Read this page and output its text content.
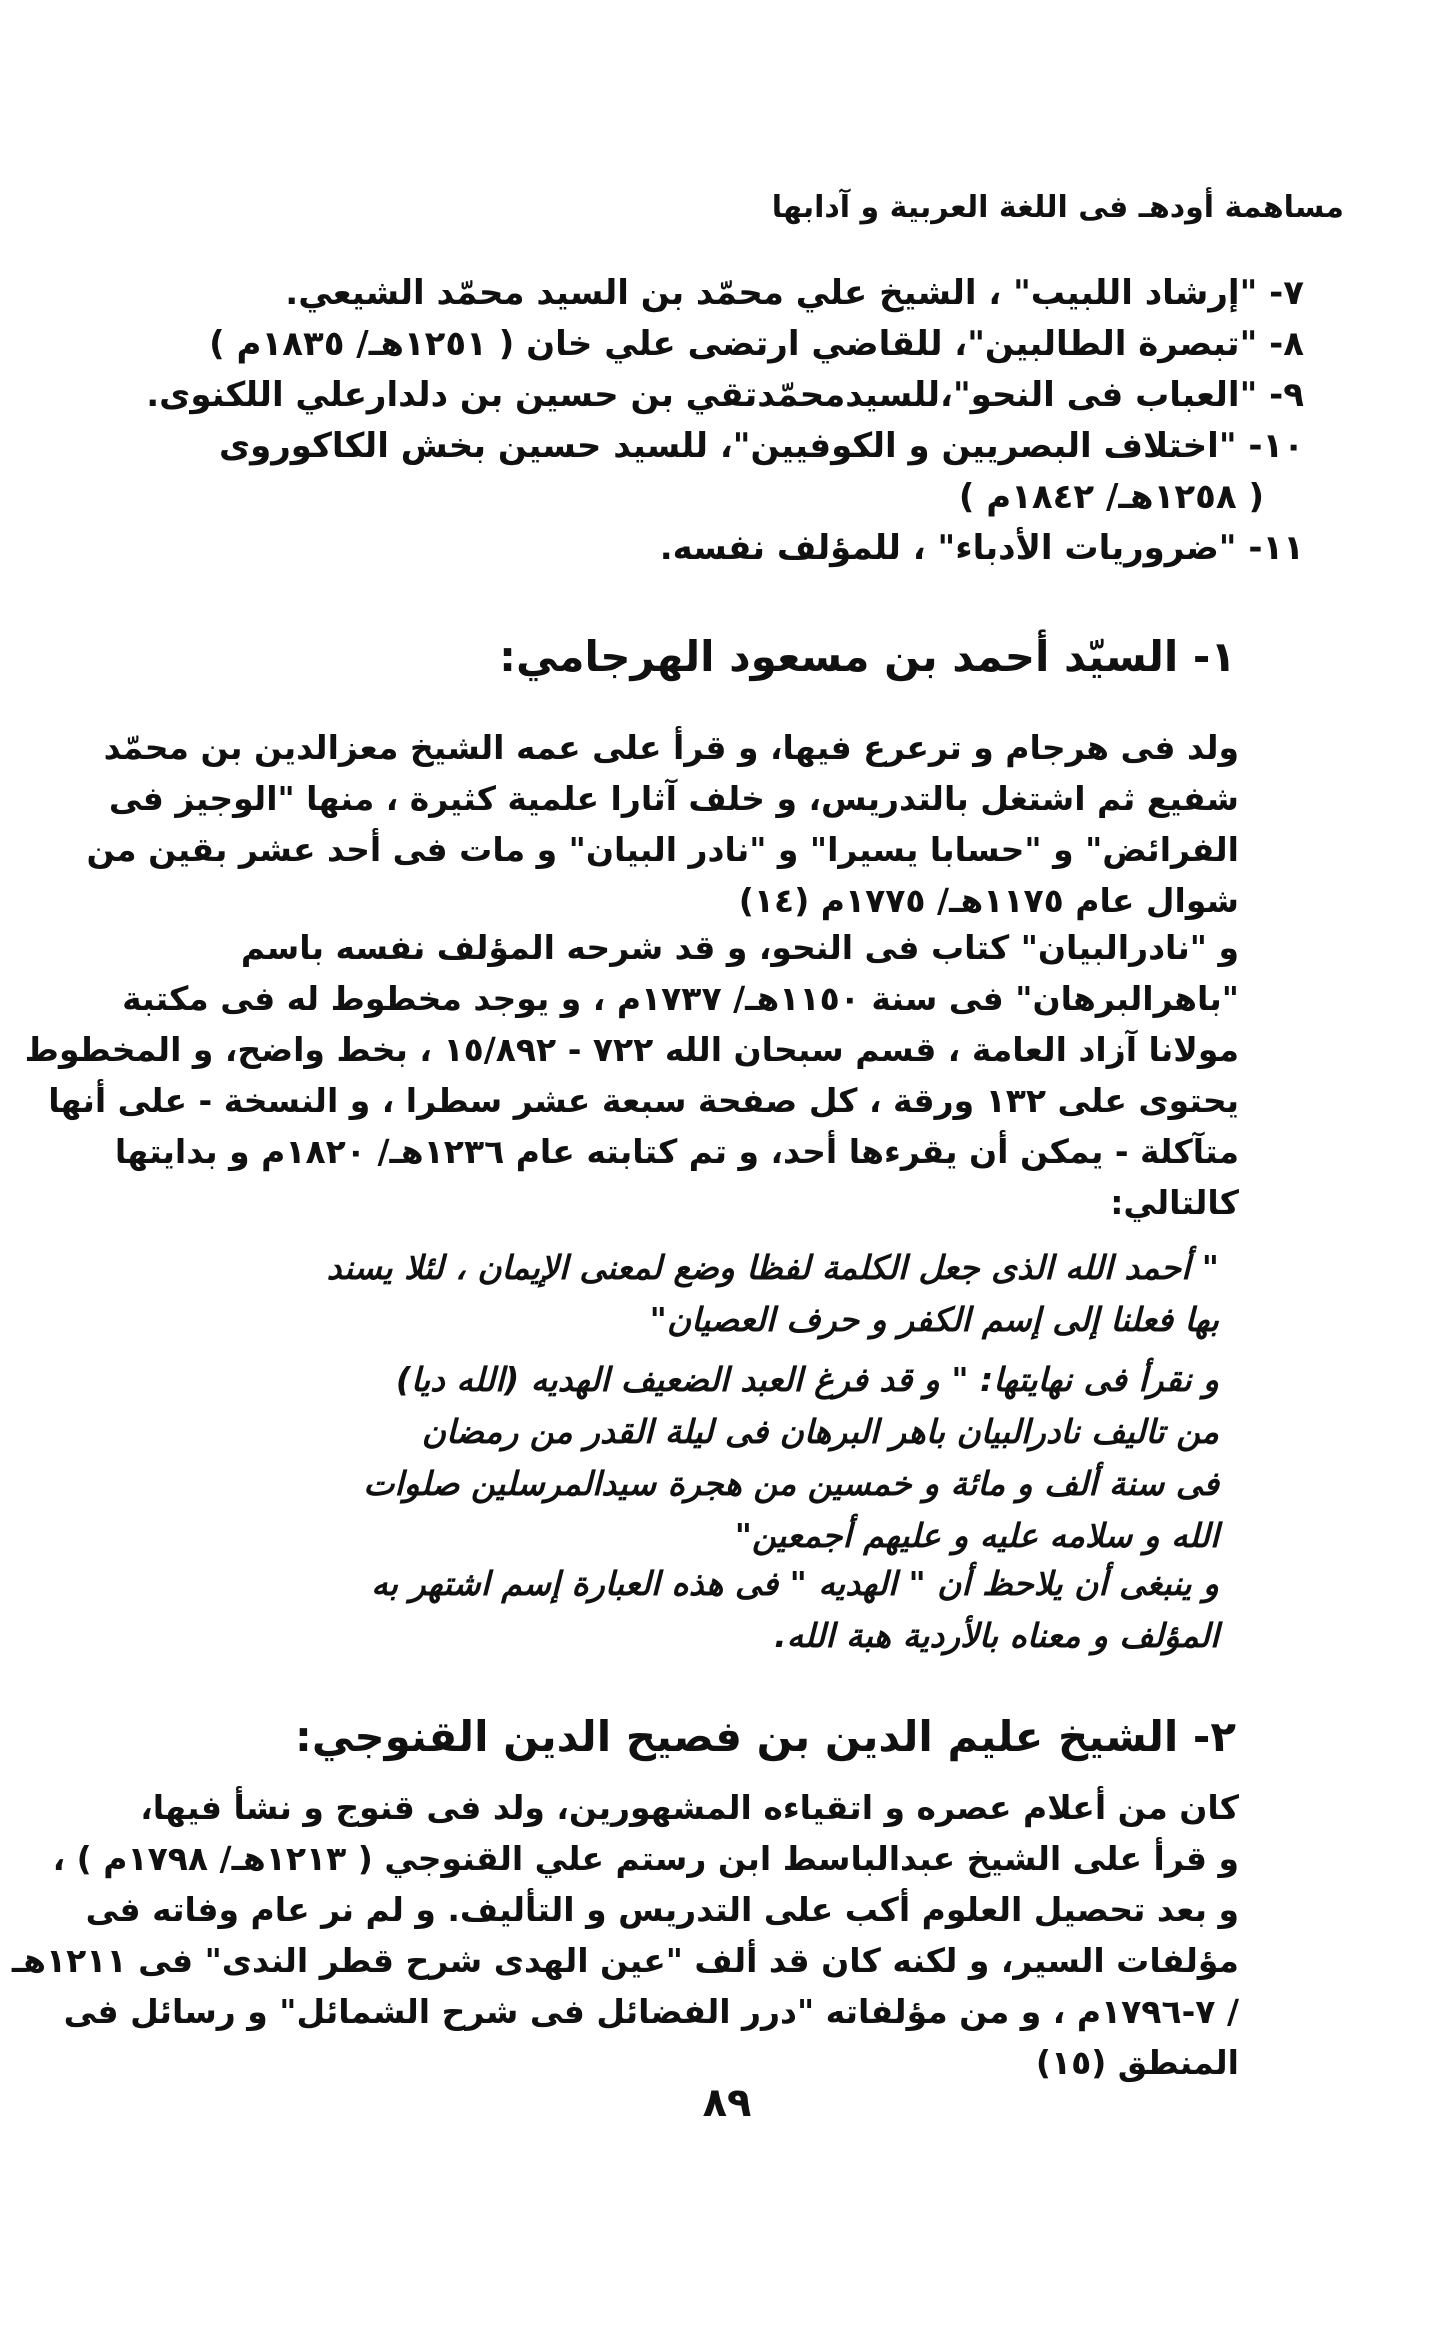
مساهمة أودهـ فى اللغة العربية و آدابها
٧- "إرشاد اللبيب" ، الشيخ علي محمّد بن السيد محمّد الشيعي.
٨- "تبصرة الطالبين"، للقاضي ارتضى علي خان ( ١٢٥١هـ/ ١٨٣٥م )
٩- "العباب فى النحو"،للسيدمحمّدتقي بن حسين بن دلدارعلي اللكنوى.
١٠- "اختلاف البصريين و الكوفيين"، للسيد حسين بخش الكاكوروى
( ١٢٥٨هـ/ ١٨٤٢م )
١١- "ضروريات الأدباء" ، للمؤلف نفسه.
١- السيّد أحمد بن مسعود الهرجامي:
ولد فى هرجام و ترعرع فيها، و قرأ على عمه الشيخ معزالدين بن محمّد
شفيع ثم اشتغل بالتدريس، و خلف آثارا علمية كثيرة ، منها "الوجيز فى
الفرائض" و "حسابا يسيرا" و "نادر البيان" و مات فى أحد عشر بقين من
شوال عام ١١٧٥هـ/ ١٧٧٥م (١٤)
و "نادرالبيان" كتاب فى النحو، و قد شرحه المؤلف نفسه باسم
"باهرالبرهان" فى سنة ١١٥٠هـ/ ١٧٣٧م ، و يوجد مخطوط له فى مكتبة
مولانا آزاد العامة ، قسم سبحان الله ٧٢٢ - ١٥/٨٩٢ ، بخط واضح، و المخطوط
يحتوى على ١٣٢ ورقة ، كل صفحة سبعة عشر سطرا ، و النسخة - على أنها
متآكلة - يمكن أن يقرءها أحد، و تم كتابته عام ١٢٣٦هـ/ ١٨٢٠م و بدايتها
كالتالي:
" أحمد الله الذى جعل الكلمة لفظا وضع لمعنى الإيمان ، لئلا يسند
بها فعلنا إلى إسم الكفر و حرف العصيان"
و نقرأ فى نهايتها: " و قد فرغ العبد الضعيف الهديه (الله ديا)
من تاليف نادرالبيان باهر البرهان فى ليلة القدر من رمضان
فى سنة ألف و مائة و خمسين من هجرة سيدالمرسلين صلوات
الله و سلامه عليه و عليهم أجمعين"
و ينبغى أن يلاحظ أن " الهديه " فى هذه العبارة إسم اشتهر به
المؤلف و معناه بالأردية هبة الله.
٢- الشيخ عليم الدين بن فصيح الدين القنوجي:
كان من أعلام عصره و اتقياءه المشهورين، ولد فى قنوج و نشأ فيها،
و قرأ على الشيخ عبدالباسط ابن رستم علي القنوجي ( ١٢١٣هـ/ ١٧٩٨م ) ،
و بعد تحصيل العلوم أكب على التدريس و التأليف. و لم نر عام وفاته فى
مؤلفات السير، و لكنه كان قد ألف "عين الهدى شرح قطر الندى" فى ١٢١١هـ
/ ٧-١٧٩٦م ، و من مؤلفاته "درر الفضائل فى شرح الشمائل" و رسائل فى
المنطق (١٥)
٨٩
